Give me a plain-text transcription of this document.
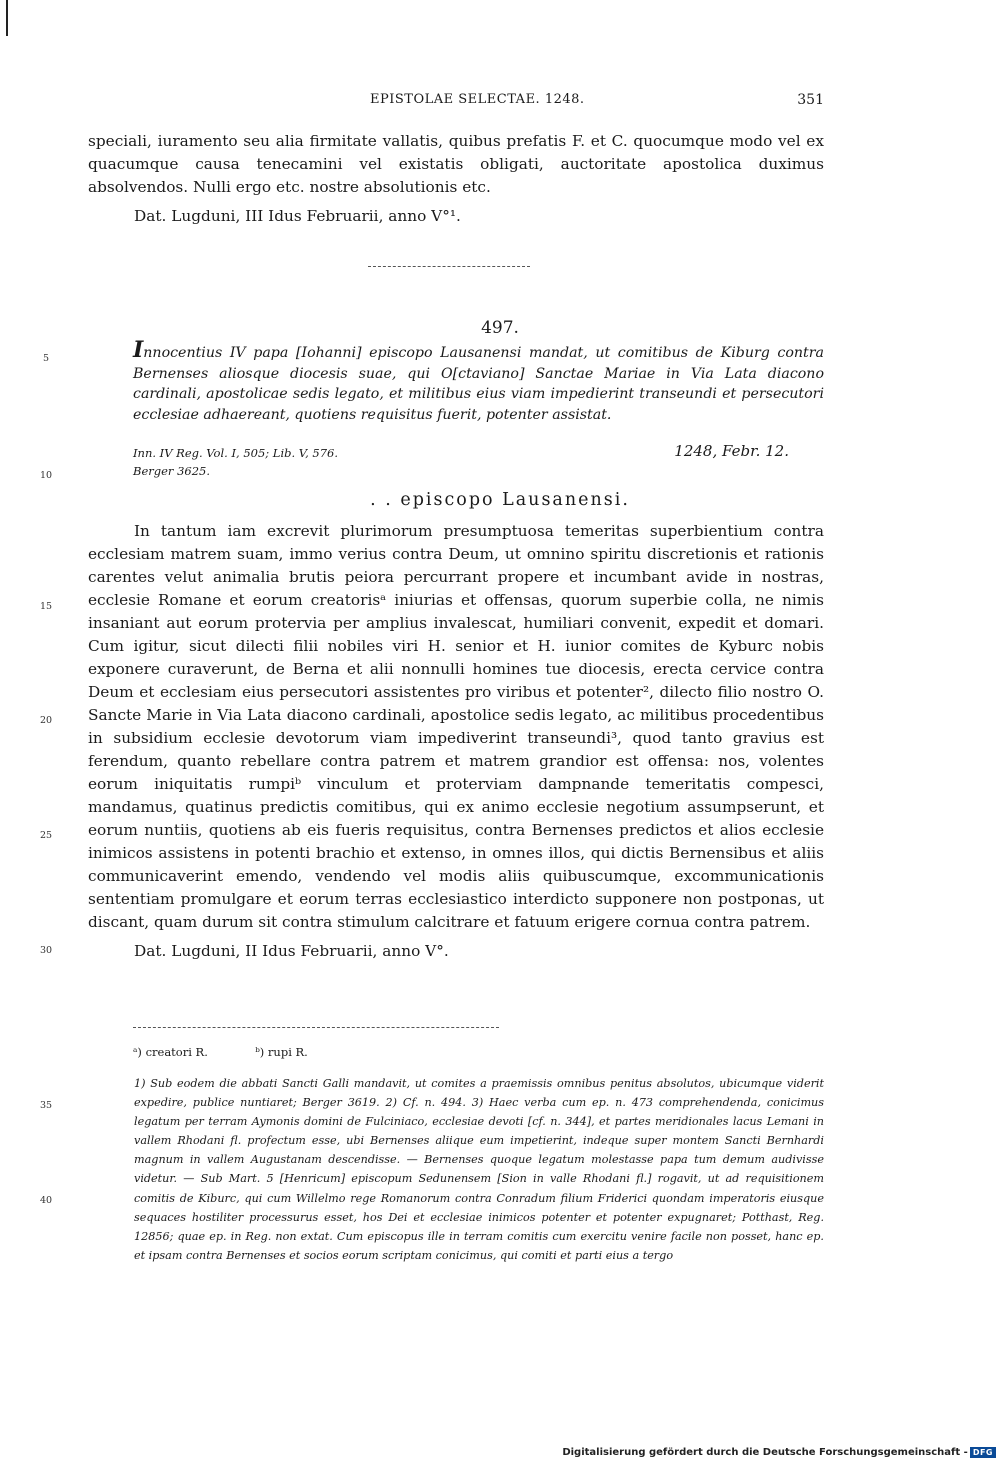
EPISTOLAE SELECTAE. 1248.	351

speciali, iuramento seu alia firmitate vallatis, quibus prefatis F. et C. quocumque modo vel ex quacumque causa tenecamini vel existatis obligati, auctoritate apostolica duximus absolvendos. Nulli ergo etc. nostre absolutionis etc.

Dat. Lugduni, III Idus Februarii, anno V°¹.

497.

Innocentius IV papa [Iohanni] episcopo Lausanensi mandat, ut comitibus de Kiburg contra Bernenses aliosque diocesis suae, qui O[ctaviano] Sanctae Mariae in Via Lata diacono cardinali, apostolicae sedis legato, et militibus eius viam impedierint transeundi et persecutori ecclesiae adhaereant, quotiens requisitus fuerit, potenter assistat.

Inn. IV Reg. Vol. I, 505; Lib. V, 576.	1248, Febr. 12.
Berger 3625.
. . episcopo Lausanensi.

In tantum iam excrevit plurimorum presumptuosa temeritas superbientium contra ecclesiam matrem suam, immo verius contra Deum, ut omnino spiritu discretionis et rationis carentes velut animalia brutis peiora percurrant propere et incumbant avide in nostras, ecclesie Romane et eorum creatorisᵃ iniurias et offensas, quorum superbie colla, ne nimis insaniant aut eorum protervia per amplius invalescat, humiliari convenit, expedit et domari. Cum igitur, sicut dilecti filii nobiles viri H. senior et H. iunior comites de Kyburc nobis exponere curaverunt, de Berna et alii nonnulli homines tue diocesis, erecta cervice contra Deum et ecclesiam eius persecutori assistentes pro viribus et potenter², dilecto filio nostro O. Sancte Marie in Via Lata diacono cardinali, apostolice sedis legato, ac militibus procedentibus in subsidium ecclesie devotorum viam impediverint transeundi³, quod tanto gravius est ferendum, quanto rebellare contra patrem et matrem grandior est offensa: nos, volentes eorum iniquitatis rumpiᵇ vinculum et proterviam dampnande temeritatis compesci, mandamus, quatinus predictis comitibus, qui ex animo ecclesie negotium assumpserunt, et eorum nuntiis, quotiens ab eis fueris requisitus, contra Bernenses predictos et alios ecclesie inimicos assistens in potenti brachio et extenso, in omnes illos, qui dictis Bernensibus et aliis communicaverint emendo, vendendo vel modis aliis quibuscumque, excommunicationis sententiam promulgare et eorum terras ecclesiastico interdicto supponere non postponas, ut discant, quam durum sit contra stimulum calcitrare et fatuum erigere cornua contra patrem.

Dat. Lugduni, II Idus Februarii, anno V°.

ᵃ) creatori R.	ᵇ) rupi R.

1) Sub eodem die abbati Sancti Galli mandavit, ut comites a praemissis omnibus penitus absolutos, ubicumque viderit expedire, publice nuntiaret; Berger 3619. 2) Cf. n. 494. 3) Haec verba cum ep. n. 473 comprehendenda, conicimus legatum per terram Aymonis domini de Fulciniaco, ecclesiae devoti [cf. n. 344], et partes meridionales lacus Lemani in vallem Rhodani fl. profectum esse, ubi Bernenses aliique eum impetierint, indeque super montem Sancti Bernhardi magnum in vallem Augustanam descendisse. — Bernenses quoque legatum molestasse papa tum demum audivisse videtur. — Sub Mart. 5 [Henricum] episcopum Sedunensem [Sion in valle Rhodani fl.] rogavit, ut ad requisitionem comitis de Kiburc, qui cum Willelmo rege Romanorum contra Conradum filium Friderici quondam imperatoris eiusque sequaces hostiliter processurus esset, hos Dei et ecclesiae inimicos potenter et potenter expugnaret; Potthast, Reg. 12856; quae ep. in Reg. non extat. Cum episcopus ille in terram comitis cum exercitu venire facile non posset, hanc ep. et ipsam contra Bernenses et socios eorum scriptam conicimus, qui comiti et parti eius a tergo

5
10
15
20
25
30
35
40
Digitalisierung gefördert durch die Deutsche Forschungsgemeinschaft - DFG
